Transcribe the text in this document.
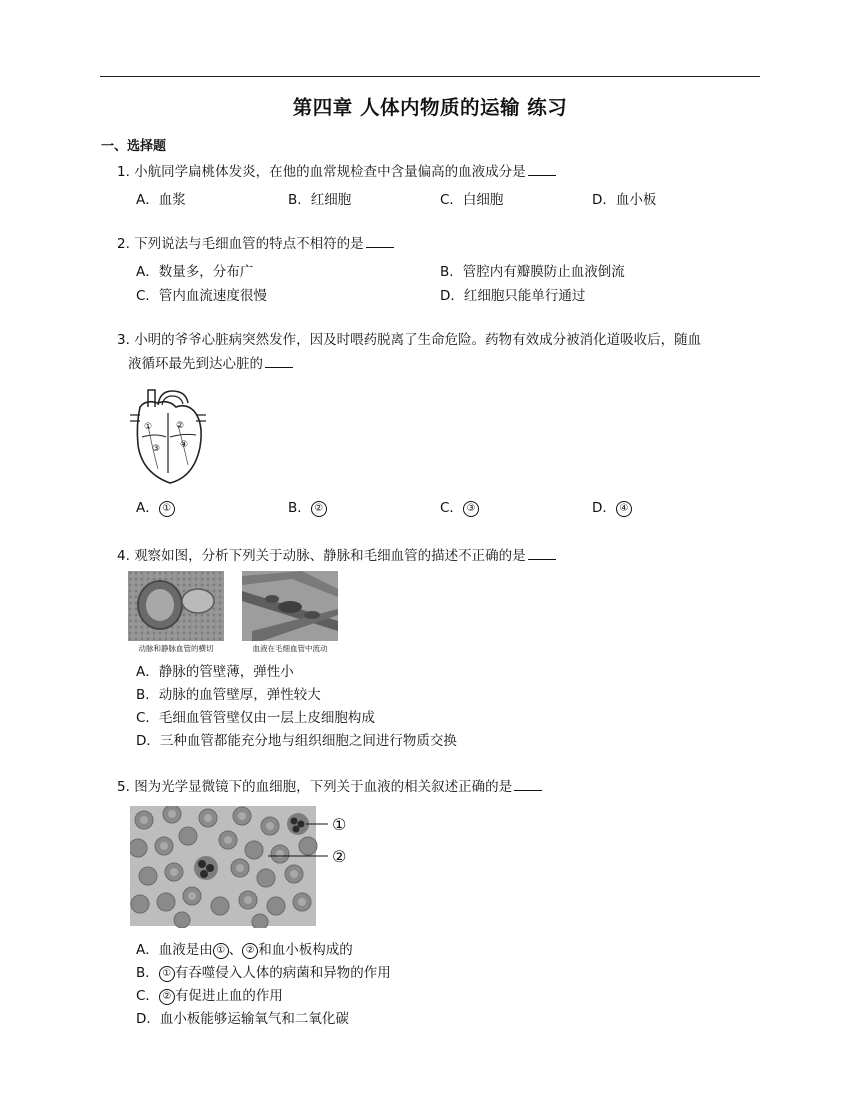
第四章 人体内物质的运输 练习
一、选择题
1. 小航同学扁桃体发炎，在他的血常规检查中含量偏高的血液成分是
A．血浆	B．红细胞	C．白细胞	D．血小板
2. 下列说法与毛细血管的特点不相符的是
A．数量多，分布广	B．管腔内有瓣膜防止血液倒流
C．管内血流速度很慢	D．红细胞只能单行通过
3. 小明的爷爷心脏病突然发作，因及时喂药脱离了生命危险。药物有效成分被消化道吸收后，随血
液循环最先到达心脏的
①	②
③ ④
A． ①	B． ②	C． ③	D． ④
4. 观察如图，分析下列关于动脉、静脉和毛细血管的描述不正确的是
动脉和静脉血管的横切	血液在毛细血管中流动
A．静脉的管壁薄，弹性小
B．动脉的血管壁厚，弹性较大
C．毛细血管管壁仅由一层上皮细胞构成
D．三种血管都能充分地与组织细胞之间进行物质交换
5. 图为光学显微镜下的血细胞，下列关于血液的相关叙述正确的是
①
②
A．血液是由 ① 、 ② 和血小板构成的
B． ① 有吞噬侵入人体的病菌和异物的作用
C． ② 有促进止血的作用
D．血小板能够运输氧气和二氧化碳
